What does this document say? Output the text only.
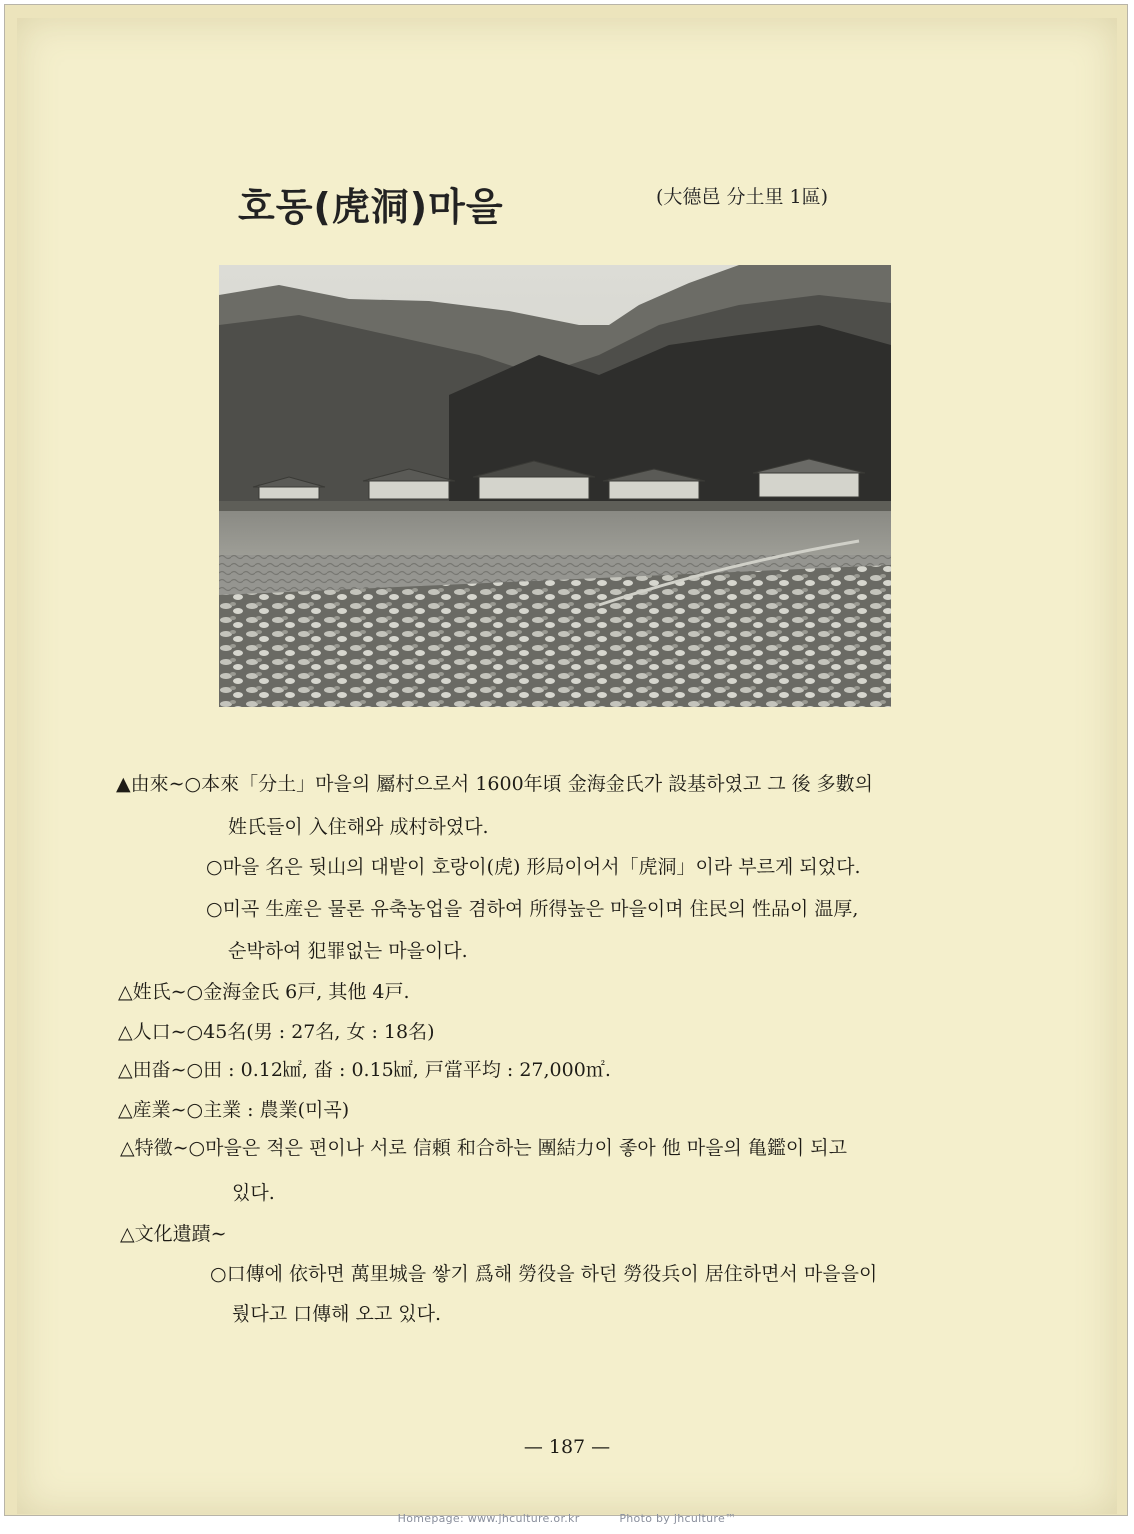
호동(虎洞)마을	(大德邑 分土里 1區)
▲由來∼○本來「分土」마을의 屬村으로서 1600年頃 金海金氏가 設基하였고 그 後 多數의
姓氏들이 入住해와 成村하였다.
○마을 名은 뒷山의 대밭이 호랑이(虎) 形局이어서「虎洞」이라 부르게 되었다.
○미곡 生産은 물론 유축농업을 겸하여 所得높은 마을이며 住民의 性品이 温厚,
순박하여 犯罪없는 마을이다.
△姓氏∼○金海金氏 6戸, 其他 4戸.
△人口∼○45名(男 : 27名, 女 : 18名)
△田畓∼○田 : 0.12㎢, 畓 : 0.15㎢, 戸當平均 : 27,000㎡.
△産業∼○主業 : 農業(미곡)
△特徵∼○마을은 적은 편이나 서로 信頼 和合하는 團結力이 좋아 他 마을의 亀鑑이 되고
있다.
△文化遺蹟∼
○口傳에 依하면 萬里城을 쌓기 爲해 勞役을 하던 勞役兵이 居住하면서 마을을이
뤘다고 口傳해 오고 있다.
— 187 —
Homepage: www.jhculture.or.kr	Photo by jhculture™
